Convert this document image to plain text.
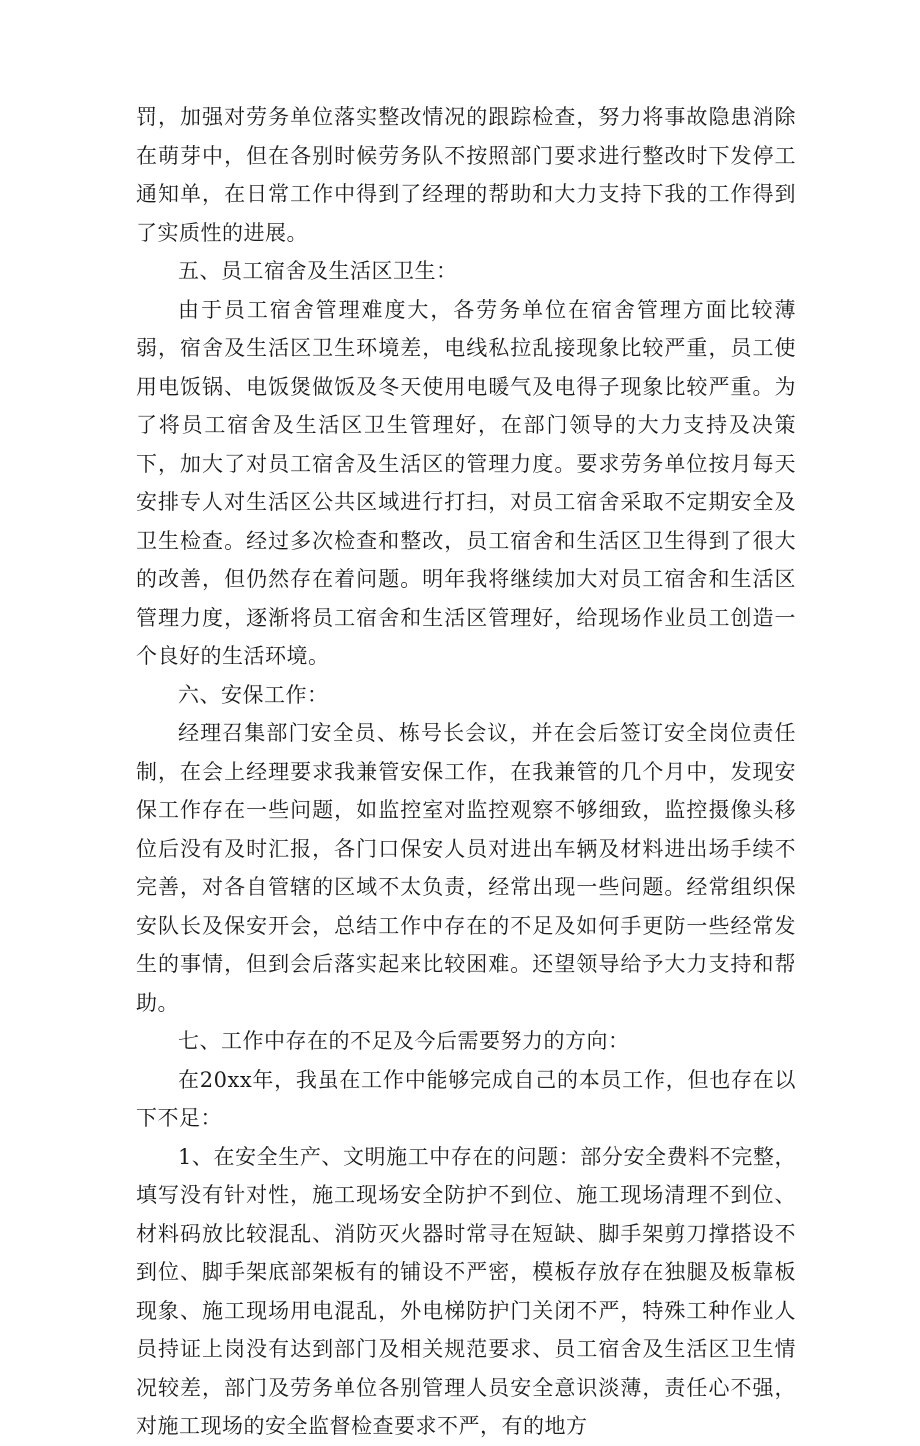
罚，加强对劳务单位落实整改情况的跟踪检查，努力将事故隐患消除在萌芽中，但在各别时候劳务队不按照部门要求进行整改时下发停工通知单，在日常工作中得到了经理的帮助和大力支持下我的工作得到了实质性的进展。

五、员工宿舍及生活区卫生：

由于员工宿舍管理难度大，各劳务单位在宿舍管理方面比较薄弱，宿舍及生活区卫生环境差，电线私拉乱接现象比较严重，员工使用电饭锅、电饭煲做饭及冬天使用电暖气及电得子现象比较严重。为了将员工宿舍及生活区卫生管理好，在部门领导的大力支持及决策下，加大了对员工宿舍及生活区的管理力度。要求劳务单位按月每天安排专人对生活区公共区域进行打扫，对员工宿舍采取不定期安全及卫生检查。经过多次检查和整改，员工宿舍和生活区卫生得到了很大的改善，但仍然存在着问题。明年我将继续加大对员工宿舍和生活区管理力度，逐渐将员工宿舍和生活区管理好，给现场作业员工创造一个良好的生活环境。

六、安保工作：

经理召集部门安全员、栋号长会议，并在会后签订安全岗位责任制，在会上经理要求我兼管安保工作，在我兼管的几个月中，发现安保工作存在一些问题，如监控室对监控观察不够细致，监控摄像头移位后没有及时汇报，各门口保安人员对进出车辆及材料进出场手续不完善，对各自管辖的区域不太负责，经常出现一些问题。经常组织保安队长及保安开会，总结工作中存在的不足及如何手更防一些经常发生的事情，但到会后落实起来比较困难。还望领导给予大力支持和帮助。

七、工作中存在的不足及今后需要努力的方向：

在20xx年，我虽在工作中能够完成自己的本员工作，但也存在以下不足：

1、在安全生产、文明施工中存在的问题：部分安全费料不完整，填写没有针对性，施工现场安全防护不到位、施工现场清理不到位、材料码放比较混乱、消防灭火器时常寻在短缺、脚手架剪刀撑搭设不到位、脚手架底部架板有的铺设不严密，模板存放存在独腿及板靠板现象、施工现场用电混乱，外电梯防护门关闭不严，特殊工种作业人员持证上岗没有达到部门及相关规范要求、员工宿舍及生活区卫生情况较差，部门及劳务单位各别管理人员安全意识淡薄，责任心不强，对施工现场的安全监督检查要求不严，有的地方
